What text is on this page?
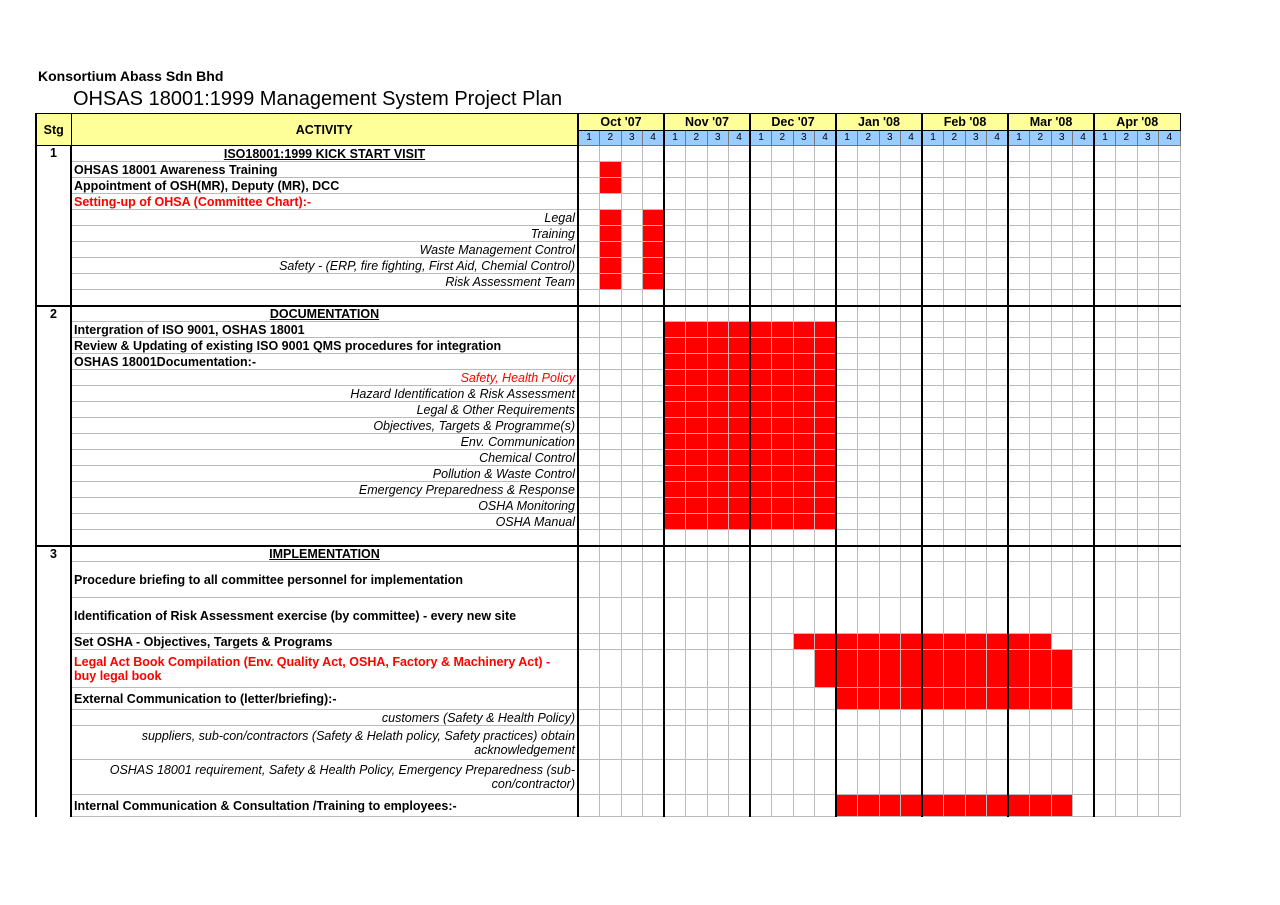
Konsortium Abass Sdn Bhd
OHSAS 18001:1999 Management System Project Plan
Stg	ACTIVITY	Oct '07				Nov '07				Dec '07				Jan '08				Feb '08				Mar '08				Apr '08			
		1	2	3	4	1	2	3	4	1	2	3	4	1	2	3	4	1	2	3	4	1	2	3	4	1	2	3	4
1	ISO18001:1999 KICK START VISIT																												
	OHSAS 18001 Awareness Training																												
	Appointment of OSH(MR), Deputy (MR), DCC																												
	Setting-up of OHSA (Committee Chart):-																												
	Legal																												
	Training																												
	Waste Management Control																												
	Safety - (ERP, fire fighting, First Aid, Chemial Control)																												
	Risk Assessment Team																												

2	DOCUMENTATION																												
	Intergration of ISO 9001, OSHAS 18001																												
	Review & Updating of existing ISO 9001 QMS procedures for integration																												
	OSHAS 18001Documentation:-																												
	Safety, Health Policy																												
	Hazard Identification & Risk Assessment																												
	Legal & Other Requirements																												
	Objectives, Targets & Programme(s)																												
	Env. Communication																												
	Chemical Control																												
	Pollution & Waste Control																												
	Emergency Preparedness & Response																												
	OSHA Monitoring																												
	OSHA Manual																												

3	IMPLEMENTATION																												
	Procedure briefing to all committee personnel for implementation																												
	Identification of Risk Assessment exercise (by committee) - every new site																												
	Set OSHA - Objectives, Targets & Programs																												
	Legal Act Book Compilation (Env. Quality Act, OSHA, Factory & Machinery Act) - buy legal book																												
	External Communication to (letter/briefing):-																												
	customers (Safety & Health Policy)																												
	suppliers, sub-con/contractors (Safety & Helath policy, Safety practices) obtain acknowledgement																												
	OSHAS 18001 requirement, Safety & Health Policy, Emergency Preparedness (sub-con/contractor)																												
	Internal Communication & Consultation /Training to employees:-																												
